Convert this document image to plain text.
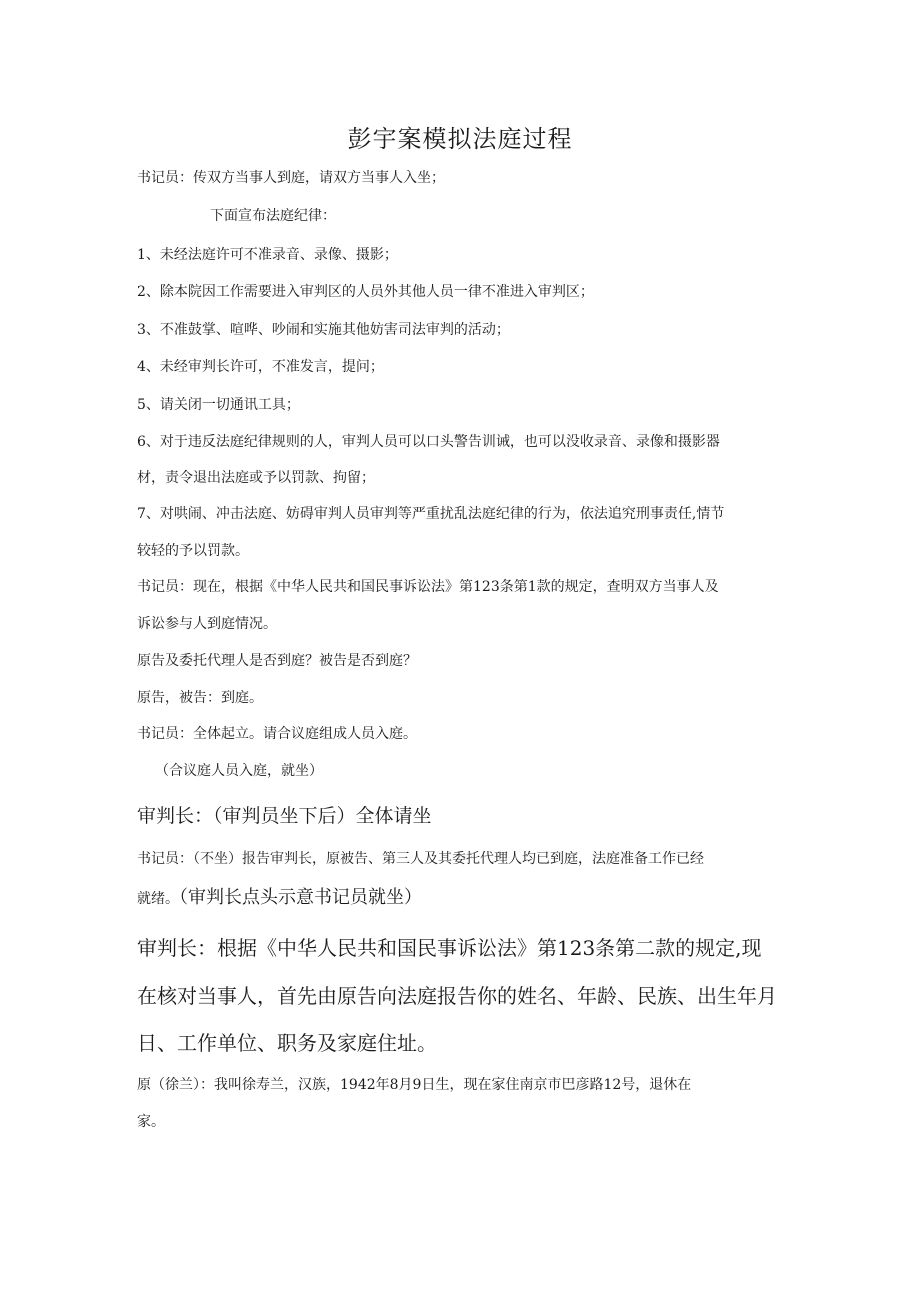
彭宇案模拟法庭过程

书记员：传双方当事人到庭，请双方当事人入坐；

下面宣布法庭纪律：

1、未经法庭许可不准录音、录像、摄影；

2、除本院因工作需要进入审判区的人员外其他人员一律不准进入审判区；

3、不准鼓掌、喧哗、吵闹和实施其他妨害司法审判的活动；

4、未经审判长许可，不准发言，提问；

5、请关闭一切通讯工具；

6、对于违反法庭纪律规则的人，审判人员可以口头警告训诫，也可以没收录音、录像和摄影器

材，责令退出法庭或予以罚款、拘留；

7、对哄闹、冲击法庭、妨碍审判人员审判等严重扰乱法庭纪律的行为，依法追究刑事责任,情节

较轻的予以罚款。

书记员：现在，根据《中华人民共和国民事诉讼法》第123条第1款的规定，查明双方当事人及

诉讼参与人到庭情况。

原告及委托代理人是否到庭？被告是否到庭？

原告，被告：到庭。

书记员：全体起立。请合议庭组成人员入庭。

（合议庭人员入庭，就坐）

审判长：（审判员坐下后）全体请坐

书记员：（不坐）报告审判长，原被告、第三人及其委托代理人均已到庭，法庭准备工作已经

就绪。（审判长点头示意书记员就坐）

审判长：根据《中华人民共和国民事诉讼法》第123条第二款的规定,现

在核对当事人，首先由原告向法庭报告你的姓名、年龄、民族、出生年月

日、工作单位、职务及家庭住址。

原（徐兰）：我叫徐寿兰，汉族，1942年8月9日生，现在家住南京市巴彦路12号，退休在

家。
